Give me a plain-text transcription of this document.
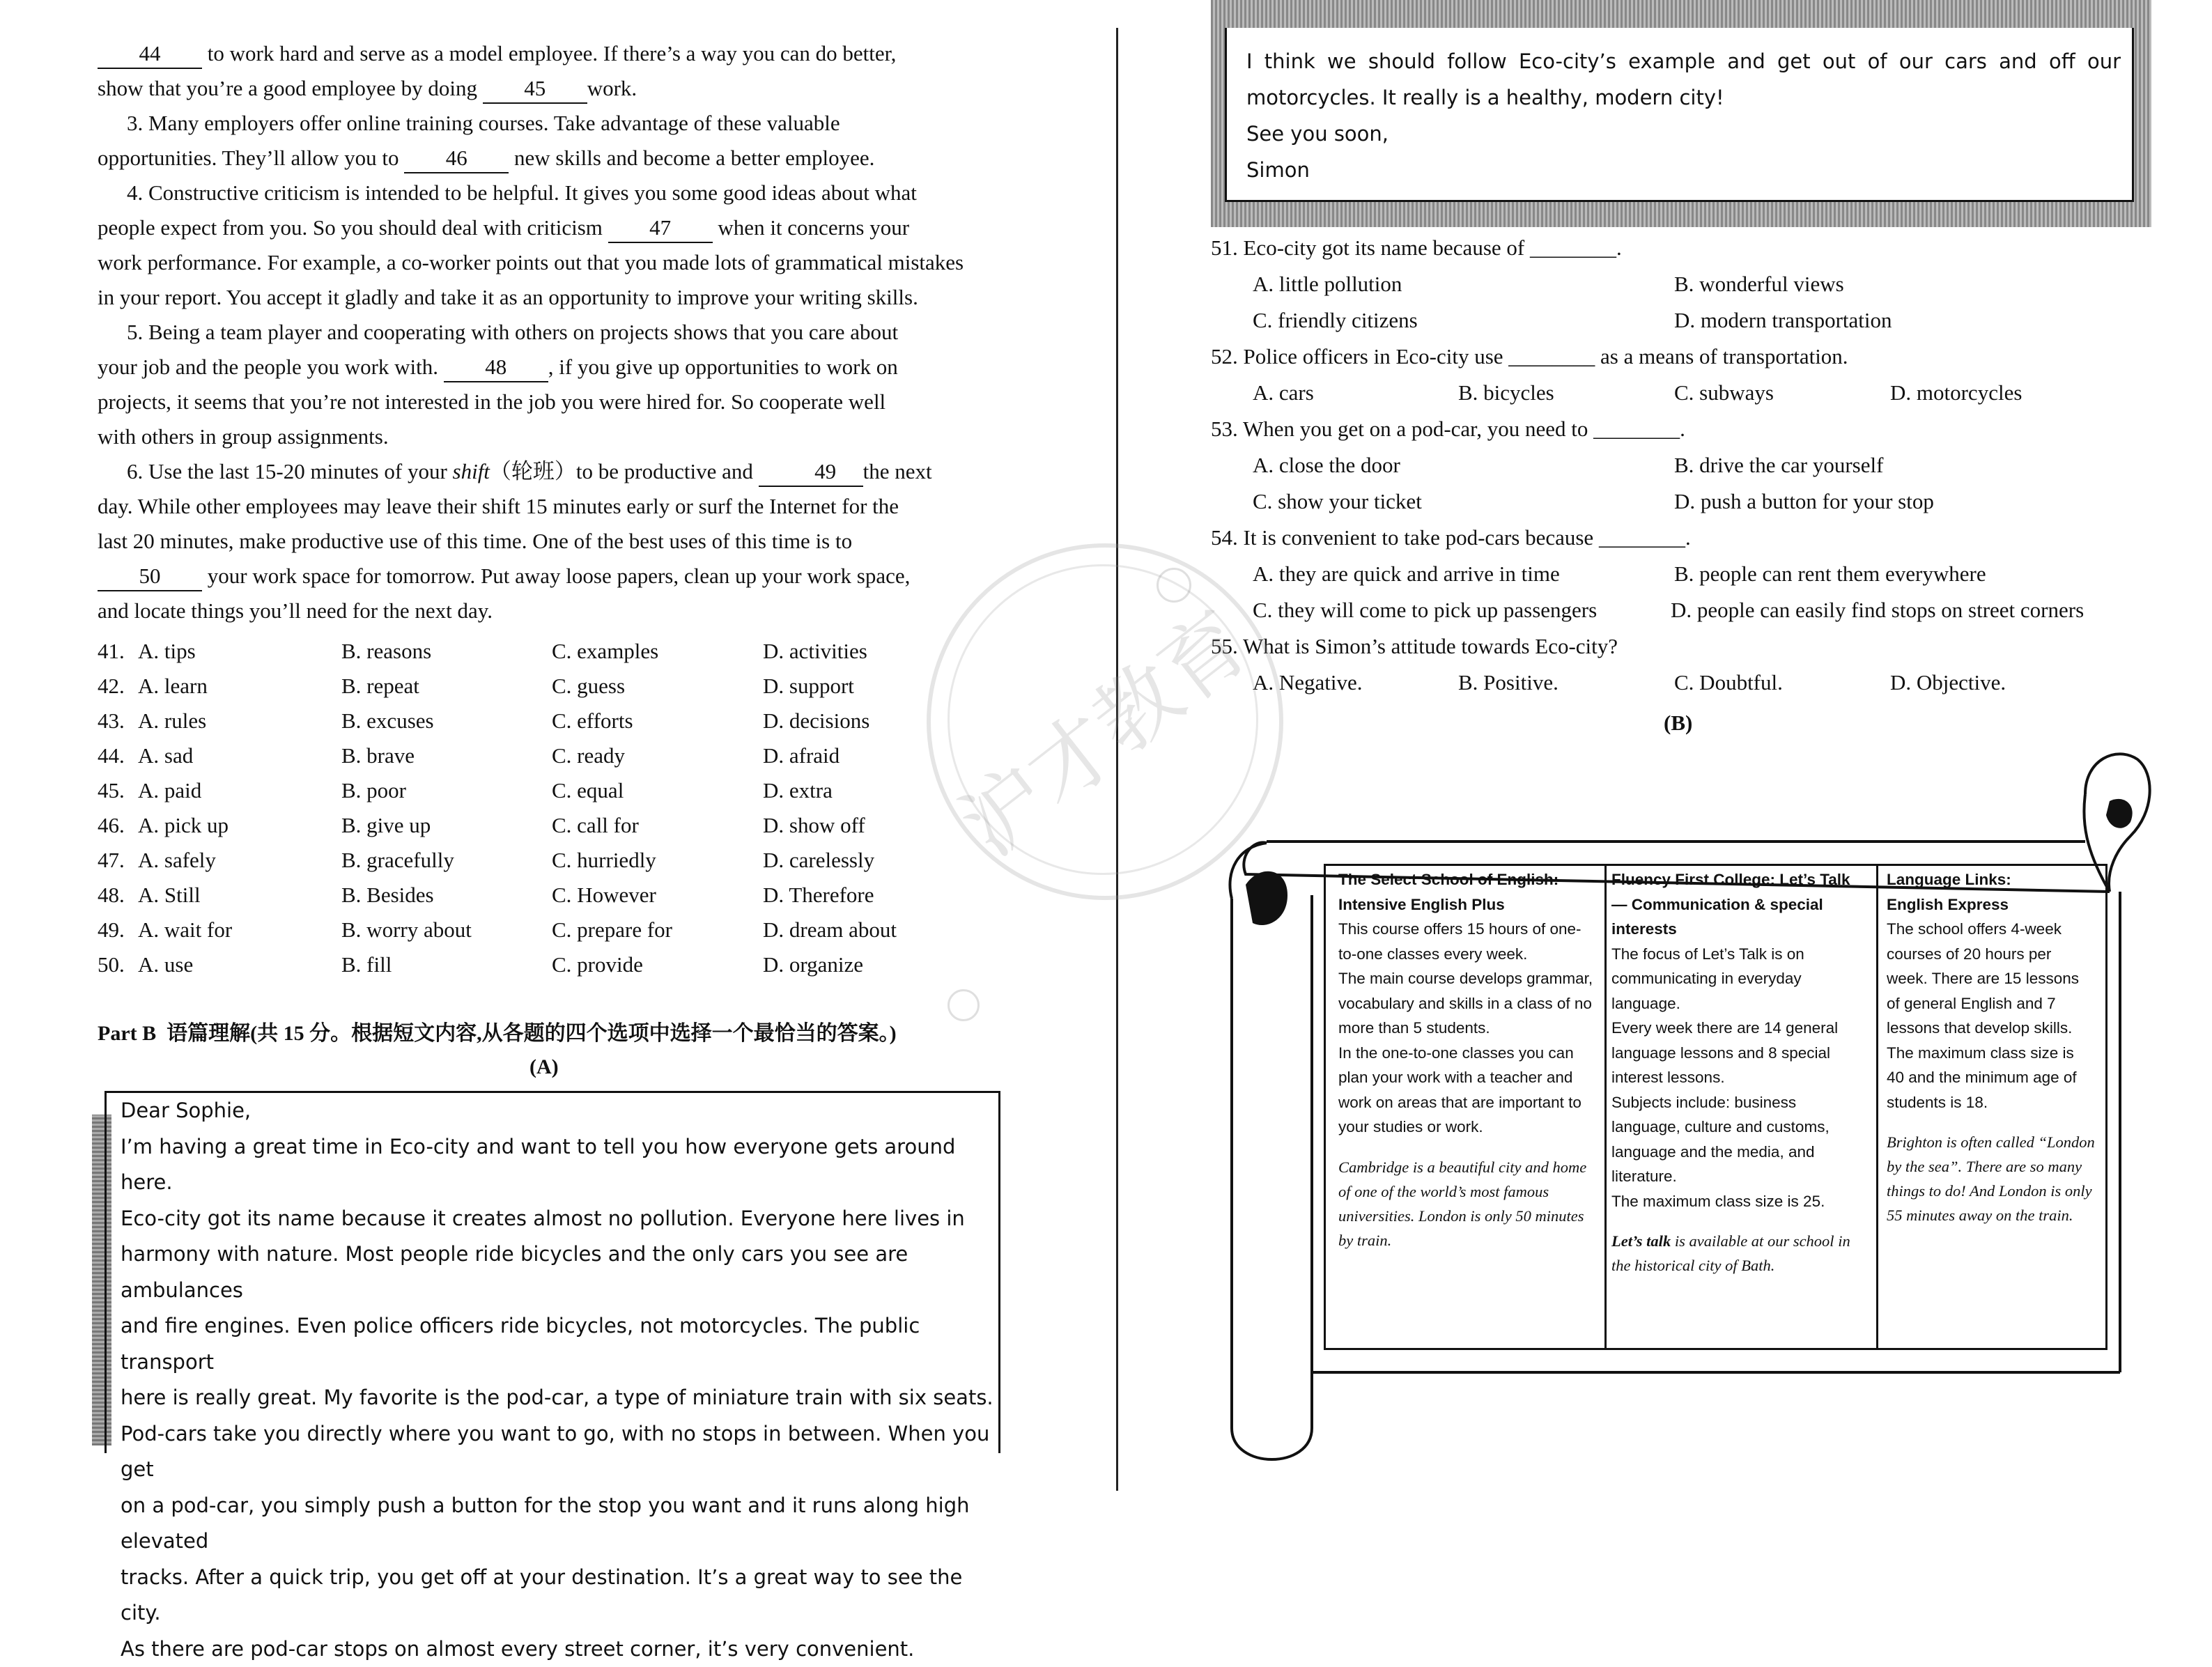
44 to work hard and serve as a model employee. If there’s a way you can do better,

show that you’re a good employee by doing 45 work.

3. Many employers offer online training courses. Take advantage of these valuable

opportunities. They’ll allow you to 46 new skills and become a better employee.

4. Constructive criticism is intended to be helpful. It gives you some good ideas about what

people expect from you. So you should deal with criticism 47 when it concerns your

work performance. For example, a co-worker points out that you made lots of grammatical mistakes

in your report. You accept it gladly and take it as an opportunity to improve your writing skills.

5. Being a team player and cooperating with others on projects shows that you care about

your job and the people you work with. 48 , if you give up opportunities to work on

projects, it seems that you’re not interested in the job you were hired for. So cooperate well

with others in group assignments.

6. Use the last 15-20 minutes of your shift（轮班）to be productive and	49 the next

day. While other employees may leave their shift 15 minutes early or surf the Internet for the

last 20 minutes, make productive use of this time. One of the best uses of this time is to

50 your work space for tomorrow. Put away loose papers, clean up your work space,

and locate things you’ll need for the next day.

41. A. tips	B. reasons	C. examples	D. activities
42. A. learn	B. repeat	C. guess	D. support
43. A. rules	B. excuses	C. efforts	D. decisions
44. A. sad	B. brave	C. ready	D. afraid
45. A. paid	B. poor	C. equal	D. extra
46. A. pick up	B. give up	C. call for	D. show off
47. A. safely	B. gracefully	C. hurriedly	D. carelessly
48. A. Still	B. Besides	C. However	D. Therefore
49. A. wait for	B. worry about	C. prepare for	D. dream about
50. A. use	B. fill	C. provide	D. organize
Part B 语篇理解(共 15 分。根据短文内容,从各题的四个选项中选择一个最恰当的答案。)
(A)
Dear Sophie,
I’m having a great time in Eco-city and want to tell you how everyone gets around here.
Eco-city got its name because it creates almost no pollution. Everyone here lives in
harmony with nature. Most people ride bicycles and the only cars you see are ambulances
and fire engines. Even police officers ride bicycles, not motorcycles. The public transport
here is really great. My favorite is the pod-car, a type of miniature train with six seats.
Pod-cars take you directly where you want to go, with no stops in between. When you get
on a pod-car, you simply push a button for the stop you want and it runs along high elevated
tracks. After a quick trip, you get off at your destination. It’s a great way to see the city.
As there are pod-car stops on almost every street corner, it’s very convenient.
I think we should follow Eco-city’s example and get out of our cars and off our
motorcycles. It really is a healthy, modern city!
See you soon,
Simon
51. Eco-city got its name because of ________.
A. little pollution	B. wonderful views
C. friendly citizens	D. modern transportation
52. Police officers in Eco-city use ________ as a means of transportation.
A. cars	B. bicycles	C. subways	D. motorcycles
53. When you get on a pod-car, you need to ________.
A. close the door	B. drive the car yourself
C. show your ticket	D. push a button for your stop
54. It is convenient to take pod-cars because ________.
A. they are quick and arrive in time	B. people can rent them everywhere
C. they will come to pick up passengers	D. people can easily find stops on street corners
55. What is Simon’s attitude towards Eco-city?
A. Negative.	B. Positive.	C. Doubtful.	D. Objective.
(B)
The Select School of English:
Intensive English Plus
This course offers 15 hours of one-to-one classes every week.
The main course develops grammar, vocabulary and skills in a class of no more than 5 students.
In the one-to-one classes you can plan your work with a teacher and work on areas that are important to your studies or work.
Cambridge is a beautiful city and home of one of the world’s most famous universities. London is only 50 minutes by train.
Fluency First College: Let’s Talk — Communication & special interests
The focus of Let’s Talk is on communicating in everyday language.
Every week there are 14 general language lessons and 8 special interest lessons.
Subjects include: business language, culture and customs, language and the media, and literature.
The maximum class size is 25.
Let’s talk is available at our school in the historical city of Bath.
Language Links:
English Express
The school offers 4-week courses of 20 hours per week. There are 15 lessons of general English and 7 lessons that develop skills.
The maximum class size is 40 and the minimum age of students is 18.
Brighton is often called “London by the sea”. There are so many things to do! And London is only 55 minutes away on the train.
沪才教育
